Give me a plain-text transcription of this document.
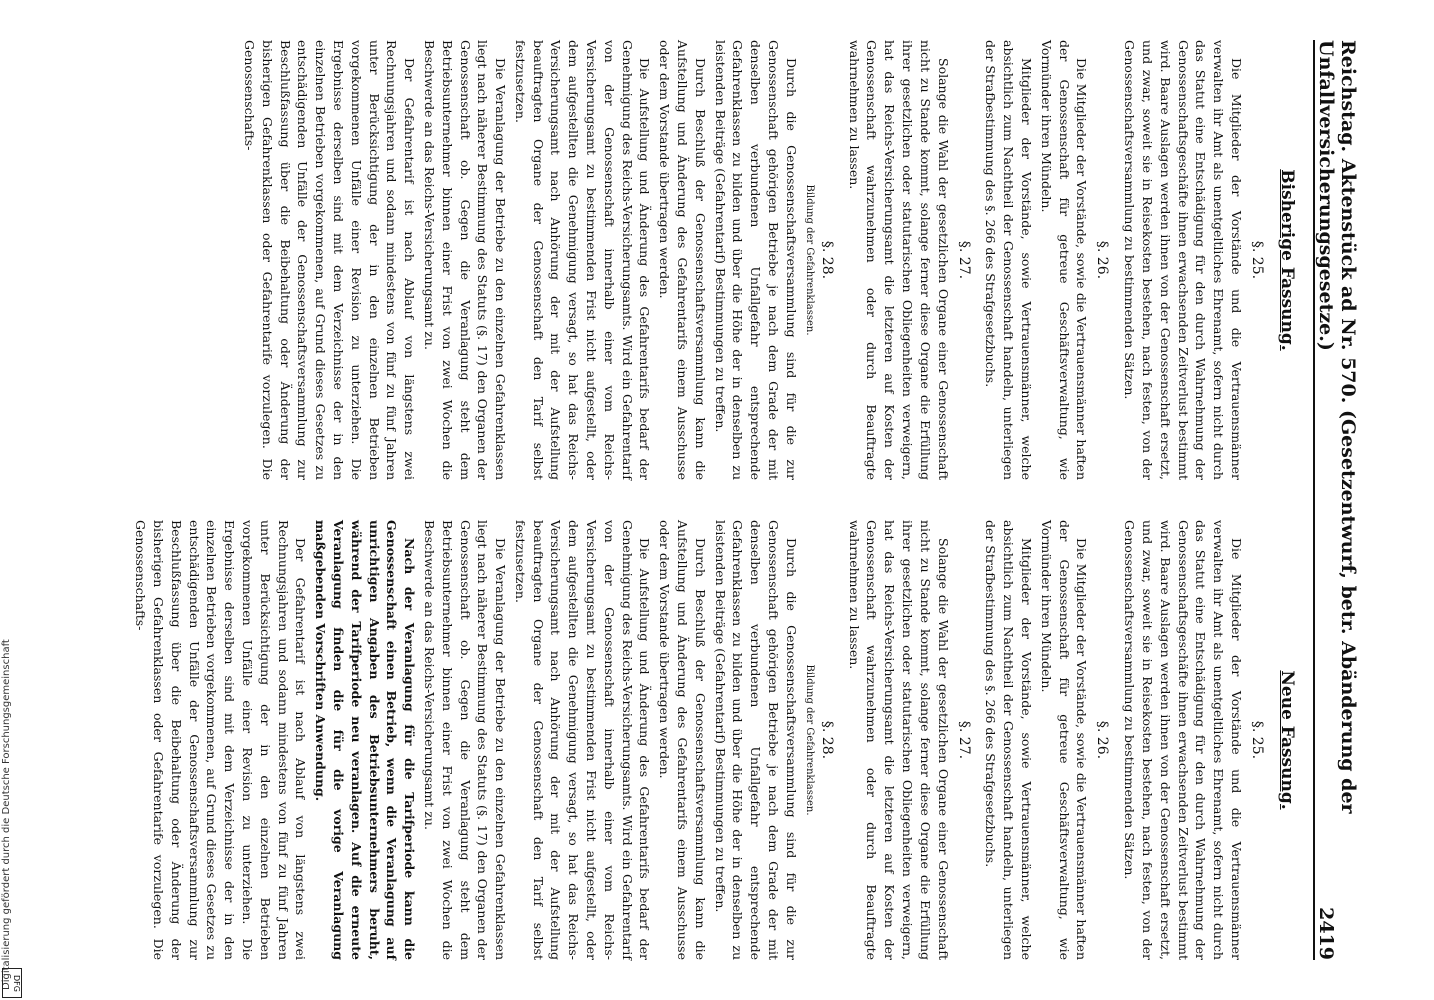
Reichstag. Aktenstück ad Nr. 570. (Gesetzentwurf, betr. Abänderung der Unfallversicherungsgesetze.)
2419
Bisherige Fassung.
§. 25.

Die Mitglieder der Vorstände und die Vertrauensmänner verwalten ihr Amt als unentgeltliches Ehrenamt, sofern nicht durch das Statut eine Entschädigung für den durch Wahrnehmung der Genossenschaftsgeschäfte ihnen erwachsenden Zeitverlust bestimmt wird. Baare Auslagen werden ihnen von der Genossenschaft ersetzt, und zwar, soweit sie in Reisekosten bestehen, nach festen, von der Genossenschaftsversammlung zu bestimmenden Sätzen.

§. 26.

Die Mitglieder der Vorstände, sowie die Vertrauensmänner haften der Genossenschaft für getreue Geschäftsverwaltung, wie Vormünder ihren Mündeln.

Mitglieder der Vorstände, sowie Vertrauensmänner, welche absichtlich zum Nachtheil der Genossenschaft handeln, unterliegen der Strafbestimmung des §. 266 des Strafgesetzbuchs.

§. 27.

Solange die Wahl der gesetzlichen Organe einer Genossenschaft nicht zu Stande kommt, solange ferner diese Organe die Erfüllung ihrer gesetzlichen oder statutarischen Obliegenheiten verweigern, hat das Reichs-Versicherungsamt die letzteren auf Kosten der Genossenschaft wahrzunehmen oder durch Beauftragte wahrnehmen zu lassen.

§. 28.
Bildung der Gefahrenklassen.

Durch die Genossenschaftsversammlung sind für die zur Genossenschaft gehörigen Betriebe je nach dem Grade der mit denselben verbundenen Unfallgefahr entsprechende Gefahrenklassen zu bilden und über die Höhe der in denselben zu leistenden Beiträge (Gefahrentarif) Bestimmungen zu treffen.

Durch Beschluß der Genossenschaftsversammlung kann die Aufstellung und Änderung des Gefahrentarifs einem Ausschusse oder dem Vorstande übertragen werden.

Die Aufstellung und Änderung des Gefahrentarifs bedarf der Genehmigung des Reichs-Versicherungsamts. Wird ein Gefahrentarif von der Genossenschaft innerhalb einer vom Reichs-Versicherungsamt zu bestimmenden Frist nicht aufgestellt, oder dem aufgestellten die Genehmigung versagt, so hat das Reichs-Versicherungsamt nach Anhörung der mit der Aufstellung beauftragten Organe der Genossenschaft den Tarif selbst festzusetzen.

Die Veranlagung der Betriebe zu den einzelnen Gefahrenklassen liegt nach näherer Bestimmung des Statuts (§. 17) den Organen der Genossenschaft ob. Gegen die Veranlagung steht dem Betriebsunternehmer binnen einer Frist von zwei Wochen die Beschwerde an das Reichs-Versicherungsamt zu.

Der Gefahrentarif ist nach Ablauf von längstens zwei Rechnungsjahren und sodann mindestens von fünf zu fünf Jahren unter Berücksichtigung der in den einzelnen Betrieben vorgekommenen Unfälle einer Revision zu unterziehen. Die Ergebnisse derselben sind mit dem Verzeichnisse der in den einzelnen Betrieben vorgekommenen, auf Grund dieses Gesetzes zu entschädigenden Unfälle der Genossenschaftsversammlung zur Beschlußfassung über die Beibehaltung oder Änderung der bisherigen Gefahrenklassen oder Gefahrentarife vorzulegen. Die Genossenschafts-

Neue Fassung.
§. 25.

Die Mitglieder der Vorstände und die Vertrauensmänner verwalten ihr Amt als unentgeltliches Ehrenamt, sofern nicht durch das Statut eine Entschädigung für den durch Wahrnehmung der Genossenschaftsgeschäfte ihnen erwachsenden Zeitverlust bestimmt wird. Baare Auslagen werden ihnen von der Genossenschaft ersetzt, und zwar, soweit sie in Reisekosten bestehen, nach festen, von der Genossenschaftsversammlung zu bestimmenden Sätzen.

§. 26.

Die Mitglieder der Vorstände, sowie die Vertrauensmänner haften der Genossenschaft für getreue Geschäftsverwaltung, wie Vormünder ihren Mündeln.

Mitglieder der Vorstände, sowie Vertrauensmänner, welche absichtlich zum Nachtheil der Genossenschaft handeln, unterliegen der Strafbestimmung des §. 266 des Strafgesetzbuchs.

§. 27.

Solange die Wahl der gesetzlichen Organe einer Genossenschaft nicht zu Stande kommt, solange ferner diese Organe die Erfüllung ihrer gesetzlichen oder statutarischen Obliegenheiten verweigern, hat das Reichs-Versicherungsamt die letzteren auf Kosten der Genossenschaft wahrzunehmen oder durch Beauftragte wahrnehmen zu lassen.

§. 28.
Bildung der Gefahrenklassen.

Durch die Genossenschaftsversammlung sind für die zur Genossenschaft gehörigen Betriebe je nach dem Grade der mit denselben verbundenen Unfallgefahr entsprechende Gefahrenklassen zu bilden und über die Höhe der in denselben zu leistenden Beiträge (Gefahrentarif) Bestimmungen zu treffen.

Durch Beschluß der Genossenschaftsversammlung kann die Aufstellung und Änderung des Gefahrentarifs einem Ausschusse oder dem Vorstande übertragen werden.

Die Aufstellung und Änderung des Gefahrentarifs bedarf der Genehmigung des Reichs-Versicherungsamts. Wird ein Gefahrentarif von der Genossenschaft innerhalb einer vom Reichs-Versicherungsamt zu bestimmenden Frist nicht aufgestellt, oder dem aufgestellten die Genehmigung versagt, so hat das Reichs-Versicherungsamt nach Anhörung der mit der Aufstellung beauftragten Organe der Genossenschaft den Tarif selbst festzusetzen.

Die Veranlagung der Betriebe zu den einzelnen Gefahrenklassen liegt nach näherer Bestimmung des Statuts (§. 17) den Organen der Genossenschaft ob. Gegen die Veranlagung steht dem Betriebsunternehmer binnen einer Frist von zwei Wochen die Beschwerde an das Reichs-Versicherungsamt zu.

Nach der Veranlagung für die Tarifperiode kann die Genossenschaft einen Betrieb, wenn die Veranlagung auf unrichtigen Angaben des Betriebsunternehmers beruht, während der Tarifperiode neu veranlagen. Auf die erneute Veranlagung finden die für die vorige Veranlagung maßgebenden Vorschriften Anwendung.

Der Gefahrentarif ist nach Ablauf von längstens zwei Rechnungsjahren und sodann mindestens von fünf zu fünf Jahren unter Berücksichtigung der in den einzelnen Betrieben vorgekommenen Unfälle einer Revision zu unterziehen. Die Ergebnisse derselben sind mit dem Verzeichnisse der in den einzelnen Betrieben vorgekommenen, auf Grund dieses Gesetzes zu entschädigenden Unfälle der Genossenschaftsversammlung zur Beschlußfassung über die Beibehaltung oder Änderung der bisherigen Gefahrenklassen oder Gefahrentarife vorzulegen. Die Genossenschafts-

Digitalisierung gefördert durch die Deutsche Forschungsgemeinschaft DFG
